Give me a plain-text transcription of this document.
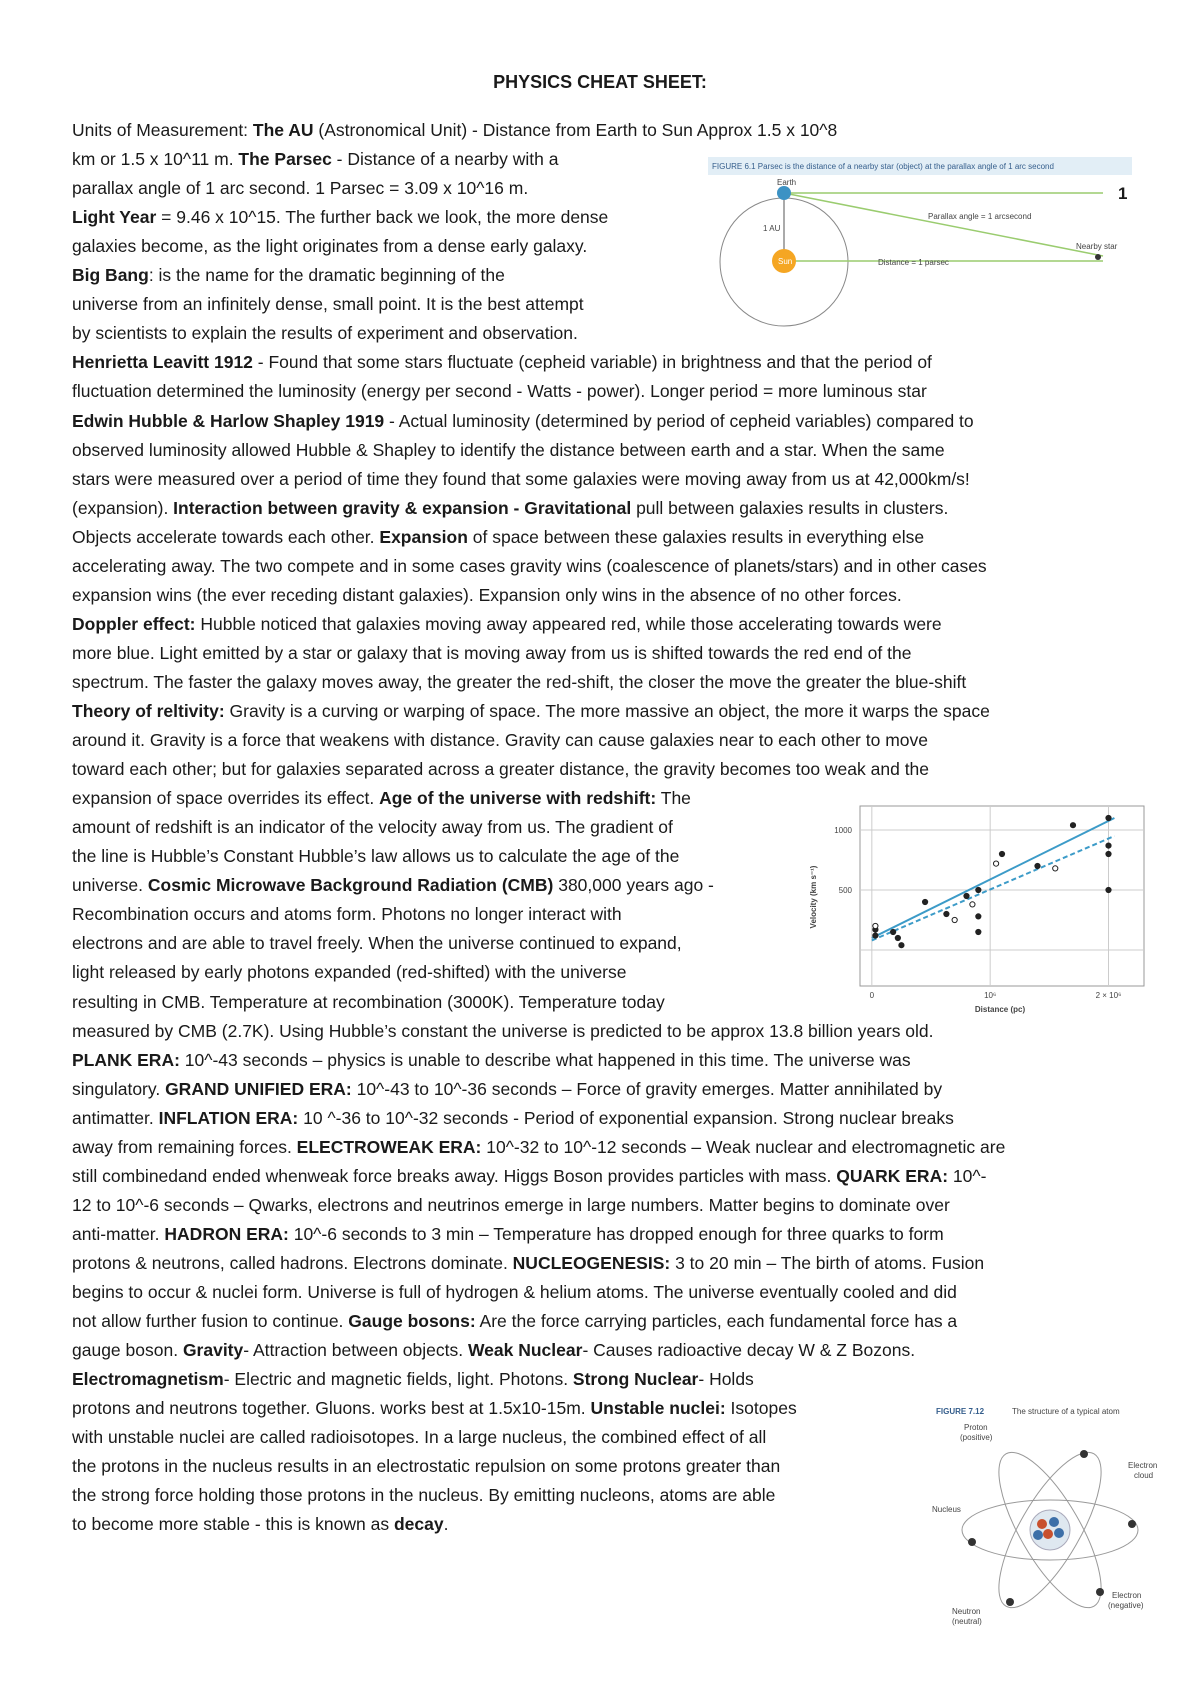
PHYSICS CHEAT SHEET:
1
Units of Measurement: The AU (Astronomical Unit) - Distance from Earth to Sun Approx 1.5 x 10^8
km or 1.5 x 10^11 m. The Parsec - Distance of a nearby with a
parallax angle of 1 arc second. 1 Parsec = 3.09 x 10^16 m.
Light Year = 9.46 x 10^15. The further back we look, the more dense
galaxies become, as the light originates from a dense early galaxy.
Big Bang: is the name for the dramatic beginning of the
universe from an infinitely dense, small point. It is the best attempt
by scientists to explain the results of experiment and observation.
Henrietta Leavitt 1912 - Found that some stars fluctuate (cepheid variable) in brightness and that the period of
fluctuation determined the luminosity (energy per second - Watts - power). Longer period = more luminous star
Edwin Hubble & Harlow Shapley 1919 - Actual luminosity (determined by period of cepheid variables) compared to
observed luminosity allowed Hubble & Shapley to identify the distance between earth and a star. When the same
stars were measured over a period of time they found that some galaxies were moving away from us at 42,000km/s!
(expansion). Interaction between gravity & expansion - Gravitational pull between galaxies results in clusters.
Objects accelerate towards each other. Expansion of space between these galaxies results in everything else
accelerating away. The two compete and in some cases gravity wins (coalescence of planets/stars) and in other cases
expansion wins (the ever receding distant galaxies). Expansion only wins in the absence of no other forces.
Doppler effect: Hubble noticed that galaxies moving away appeared red, while those accelerating towards were
more blue. Light emitted by a star or galaxy that is moving away from us is shifted towards the red end of the
spectrum. The faster the galaxy moves away, the greater the red-shift, the closer the move the greater the blue-shift
Theory of reltivity: Gravity is a curving or warping of space. The more massive an object, the more it warps the space
around it. Gravity is a force that weakens with distance. Gravity can cause galaxies near to each other to move
toward each other; but for galaxies separated across a greater distance, the gravity becomes too weak and the
expansion of space overrides its effect. Age of the universe with redshift: The
amount of redshift is an indicator of the velocity away from us. The gradient of
the line is Hubble’s Constant Hubble’s law allows us to calculate the age of the
universe. Cosmic Microwave Background Radiation (CMB) 380,000 years ago -
Recombination occurs and atoms form. Photons no longer interact with
electrons and are able to travel freely. When the universe continued to expand,
light released by early photons expanded (red-shifted) with the universe
resulting in CMB. Temperature at recombination (3000K). Temperature today
measured by CMB (2.7K). Using Hubble’s constant the universe is predicted to be approx 13.8 billion years old.
PLANK ERA: 10^-43 seconds – physics is unable to describe what happened in this time. The universe was
singulatory. GRAND UNIFIED ERA: 10^-43 to 10^-36 seconds – Force of gravity emerges. Matter annihilated by
antimatter. INFLATION ERA: 10 ^-36 to 10^-32 seconds - Period of exponential expansion. Strong nuclear breaks
away from remaining forces. ELECTROWEAK ERA: 10^-32 to 10^-12 seconds – Weak nuclear and electromagnetic are
still combinedand ended whenweak force breaks away. Higgs Boson provides particles with mass. QUARK ERA: 10^-
12 to 10^-6 seconds – Qwarks, electrons and neutrinos emerge in large numbers. Matter begins to dominate over
anti-matter. HADRON ERA: 10^-6 seconds to 3 min – Temperature has dropped enough for three quarks to form
protons & neutrons, called hadrons. Electrons dominate. NUCLEOGENESIS: 3 to 20 min – The birth of atoms. Fusion
begins to occur & nuclei form. Universe is full of hydrogen & helium atoms. The universe eventually cooled and did
not allow further fusion to continue. Gauge bosons: Are the force carrying particles, each fundamental force has a
gauge boson. Gravity- Attraction between objects. Weak Nuclear- Causes radioactive decay W & Z Bozons.
Electromagnetism- Electric and magnetic fields, light. Photons. Strong Nuclear- Holds
protons and neutrons together. Gluons. works best at 1.5x10-15m. Unstable nuclei: Isotopes
with unstable nuclei are called radioisotopes. In a large nucleus, the combined effect of all
the protons in the nucleus results in an electrostatic repulsion on some protons greater than
the strong force holding those protons in the nucleus. By emitting nucleons, atoms are able
to become more stable - this is known as decay.
FIGURE 6.1 Parsec is the distance of a nearby star (object) at the parallax angle of 1 arc second
Earth
1 AU
Sun
Parallax angle = 1 arcsecond
Nearby star
Distance = 1 parsec
1000
500
0	10⁶	2 × 10⁶
Distance (pc)
Velocity (km s⁻¹)
FIGURE 7.12	The structure of a typical atom
Proton
(positive)
Electron
cloud
Nucleus
Electron
(negative)
Neutron
(neutral)
